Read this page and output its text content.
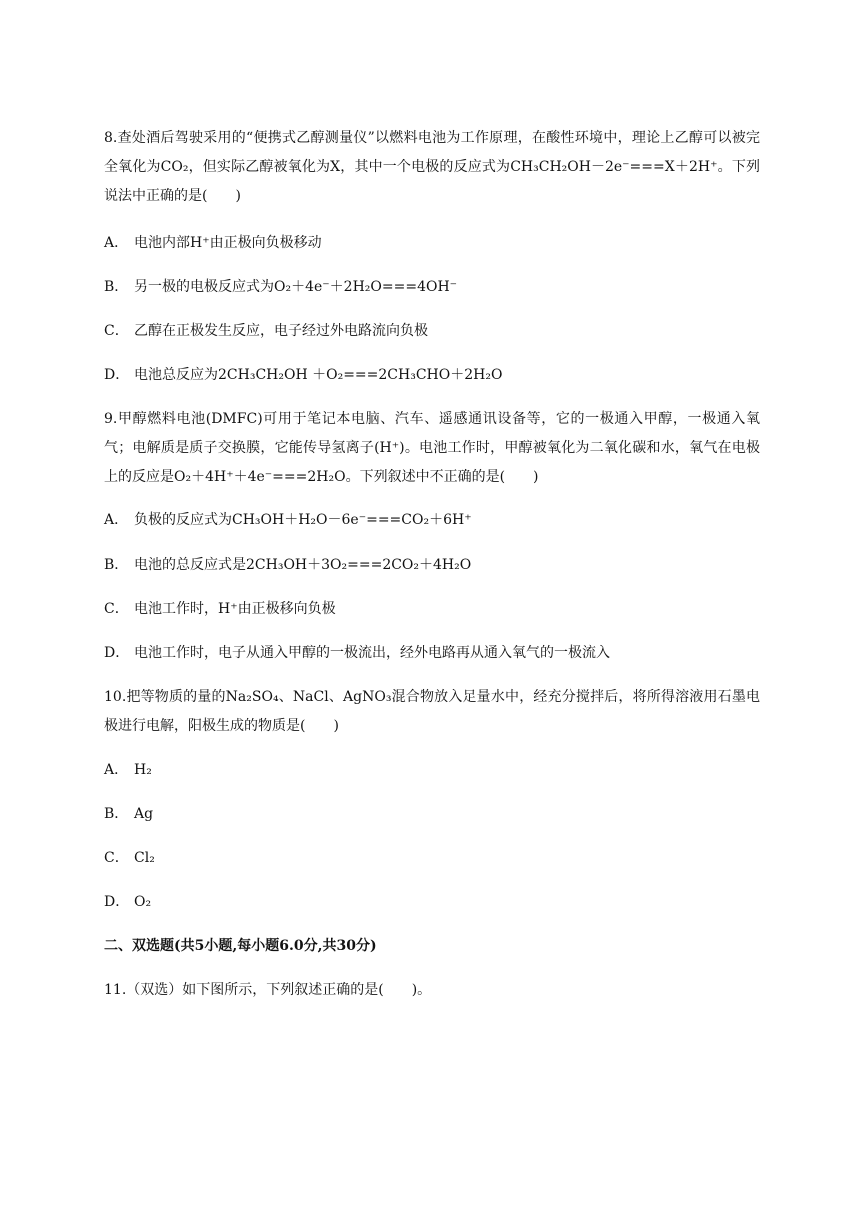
8.查处酒后驾驶采用的“便携式乙醇测量仪”以燃料电池为工作原理，在酸性环境中，理论上乙醇可以被完全氧化为CO₂，但实际乙醇被氧化为X，其中一个电极的反应式为CH₃CH₂OH－2e⁻===X＋2H⁺。下列说法中正确的是(　　)

A． 电池内部H⁺由正极向负极移动

B． 另一极的电极反应式为O₂＋4e⁻＋2H₂O===4OH⁻

C． 乙醇在正极发生反应，电子经过外电路流向负极

D． 电池总反应为2CH₃CH₂OH ＋O₂===2CH₃CHO＋2H₂O

9.甲醇燃料电池(DMFC)可用于笔记本电脑、汽车、遥感通讯设备等，它的一极通入甲醇，一极通入氧气；电解质是质子交换膜，它能传导氢离子(H⁺)。电池工作时，甲醇被氧化为二氧化碳和水，氧气在电极上的反应是O₂＋4H⁺＋4e⁻===2H₂O。下列叙述中不正确的是(　　)

A． 负极的反应式为CH₃OH＋H₂O－6e⁻===CO₂＋6H⁺

B． 电池的总反应式是2CH₃OH＋3O₂===2CO₂＋4H₂O

C． 电池工作时，H⁺由正极移向负极

D． 电池工作时，电子从通入甲醇的一极流出，经外电路再从通入氧气的一极流入

10.把等物质的量的Na₂SO₄、NaCl、AgNO₃混合物放入足量水中，经充分搅拌后，将所得溶液用石墨电极进行电解，阳极生成的物质是(　　)

A． H₂

B． Ag

C． Cl₂

D． O₂

二、双选题(共5小题,每小题6.0分,共30分)

11.（双选）如下图所示，下列叙述正确的是(　　)。
